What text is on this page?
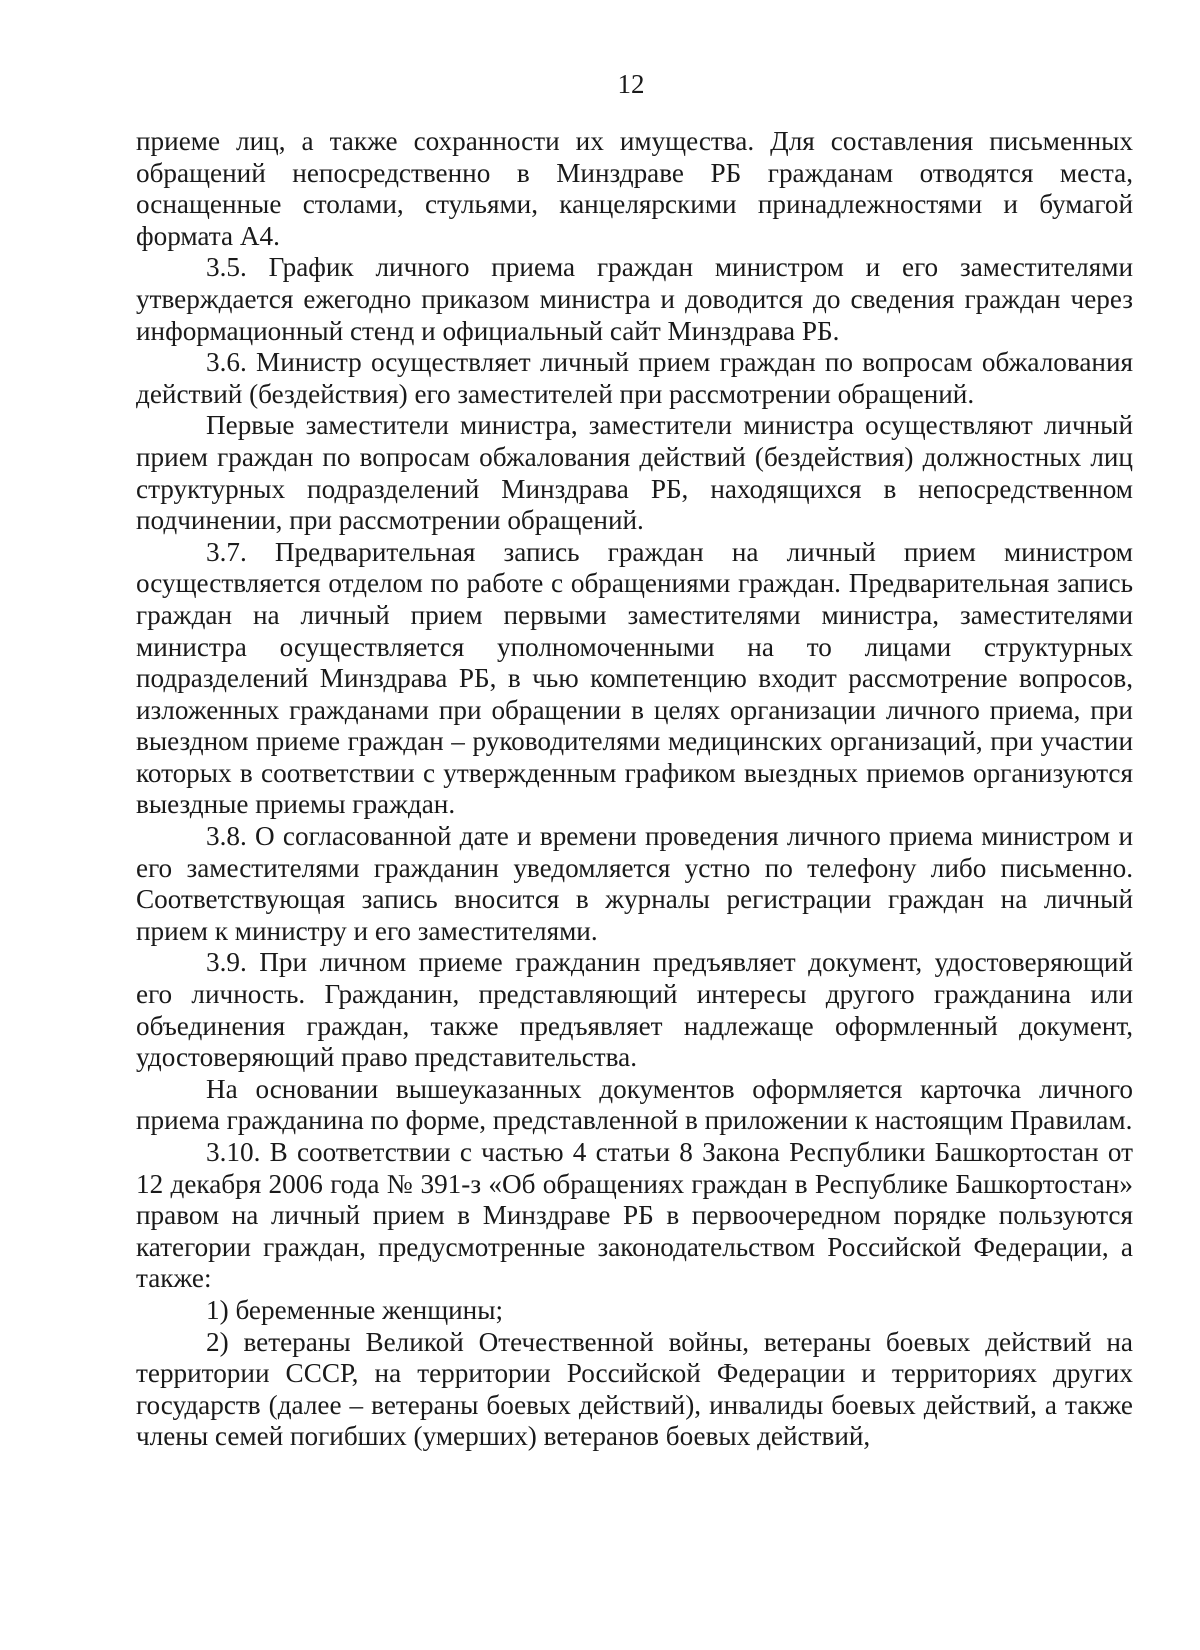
12

приеме лиц, а также сохранности их имущества. Для составления письменных обращений непосредственно в Минздраве РБ гражданам отводятся места, оснащенные столами, стульями, канцелярскими принадлежностями и бумагой формата А4.

3.5. График личного приема граждан министром и его заместителями утверждается ежегодно приказом министра и доводится до сведения граждан через информационный стенд и официальный сайт Минздрава РБ.

3.6. Министр осуществляет личный прием граждан по вопросам обжалования действий (бездействия) его заместителей при рассмотрении обращений.

Первые заместители министра, заместители министра осуществляют личный прием граждан по вопросам обжалования действий (бездействия) должностных лиц структурных подразделений Минздрава РБ, находящихся в непосредственном подчинении, при рассмотрении обращений.

3.7. Предварительная запись граждан на личный прием министром осуществляется отделом по работе с обращениями граждан. Предварительная запись граждан на личный прием первыми заместителями министра, заместителями министра осуществляется уполномоченными на то лицами структурных подразделений Минздрава РБ, в чью компетенцию входит рассмотрение вопросов, изложенных гражданами при обращении в целях организации личного приема, при выездном приеме граждан – руководителями медицинских организаций, при участии которых в соответствии с утвержденным графиком выездных приемов организуются выездные приемы граждан.

3.8. О согласованной дате и времени проведения личного приема министром и его заместителями гражданин уведомляется устно по телефону либо письменно. Соответствующая запись вносится в журналы регистрации граждан на личный прием к министру и его заместителями.

3.9. При личном приеме гражданин предъявляет документ, удостоверяющий его личность. Гражданин, представляющий интересы другого гражданина или объединения граждан, также предъявляет надлежаще оформленный документ, удостоверяющий право представительства.

На основании вышеуказанных документов оформляется карточка личного приема гражданина по форме, представленной в приложении к настоящим Правилам.

3.10. В соответствии с частью 4 статьи 8 Закона Республики Башкортостан от 12 декабря 2006 года № 391-з «Об обращениях граждан в Республике Башкортостан» правом на личный прием в Минздраве РБ в первоочередном порядке пользуются категории граждан, предусмотренные законодательством Российской Федерации, а также:

1) беременные женщины;

2) ветераны Великой Отечественной войны, ветераны боевых действий на территории СССР, на территории Российской Федерации и территориях других государств (далее – ветераны боевых действий), инвалиды боевых действий, а также члены семей погибших (умерших) ветеранов боевых действий,
